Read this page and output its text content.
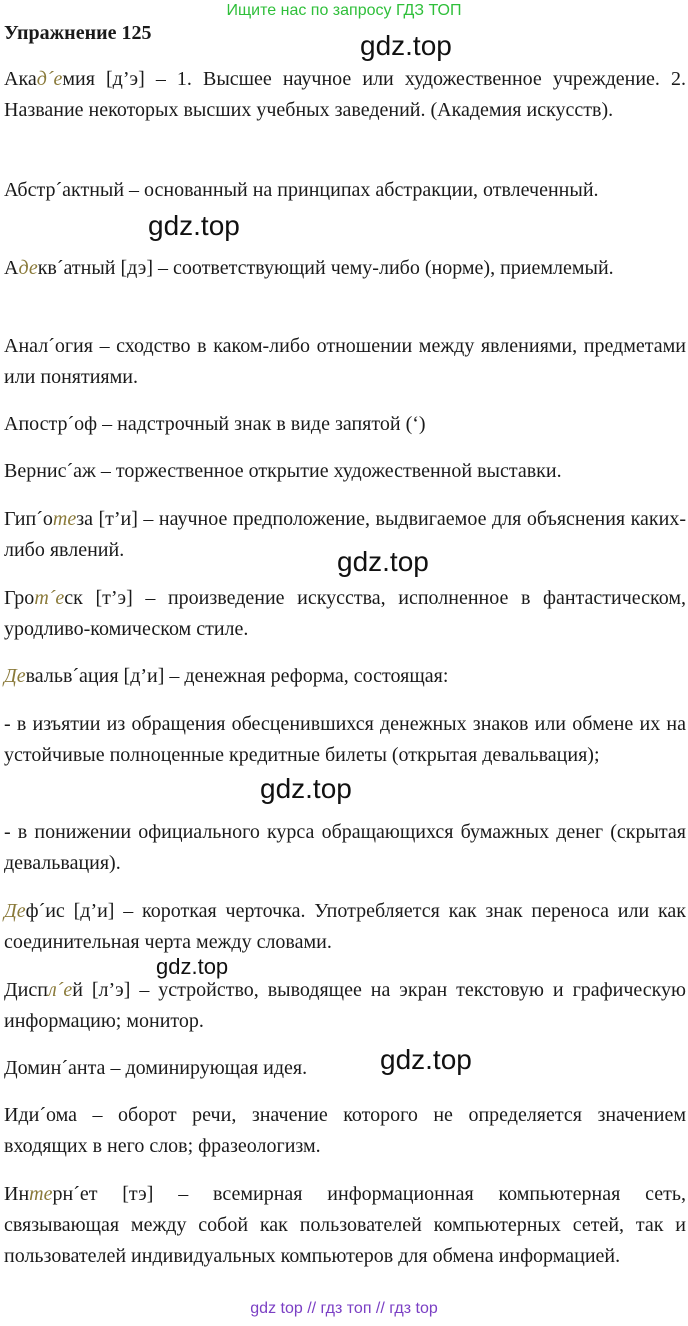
Ищите нас по запросу ГДЗ ТОП
Упражнение 125

Акад´емия [д’э] – 1. Высшее научное или художественное учреждение. 2. Название некоторых высших учебных заведений. (Академия искусств).

Абстр´актный – основанный на принципах абстракции, отвлеченный.

Адекв´атный [дэ] – соответствующий чему-либо (норме), приемлемый.

Анал´огия – сходство в каком-либо отношении между явлениями, предметами или понятиями.

Апостр´оф – надстрочный знак в виде запятой (‘)

Вернис´аж – торжественное открытие художественной выставки.

Гип´отеза [т’и] – научное предположение, выдвигаемое для объяснения каких-либо явлений.

Грот´еск [т’э] – произведение искусства, исполненное в фантастическом, уродливо-комическом стиле.

Девальв´ация [д’и] – денежная реформа, состоящая:

- в изъятии из обращения обесценившихся денежных знаков или обмене их на устойчивые полноценные кредитные билеты (открытая девальвация);

- в понижении официального курса обращающихся бумажных денег (скрытая девальвация).

Деф´ис [д’и] – короткая черточка. Употребляется как знак переноса или как соединительная черта между словами.

Диспл´ей [л’э] – устройство, выводящее на экран текстовую и графическую информацию; монитор.

Домин´анта – доминирующая идея.

Иди´ома – оборот речи, значение которого не определяется значением входящих в него слов; фразеологизм.

Интерн´ет [тэ] – всемирная информационная компьютерная сеть, связывающая между собой как пользователей компьютерных сетей, так и пользователей индивидуальных компьютеров для обмена информацией.

gdz.top
gdz.top
gdz.top
gdz.top
gdz.top
gdz.top
gdz top // гдз топ // гдз top
